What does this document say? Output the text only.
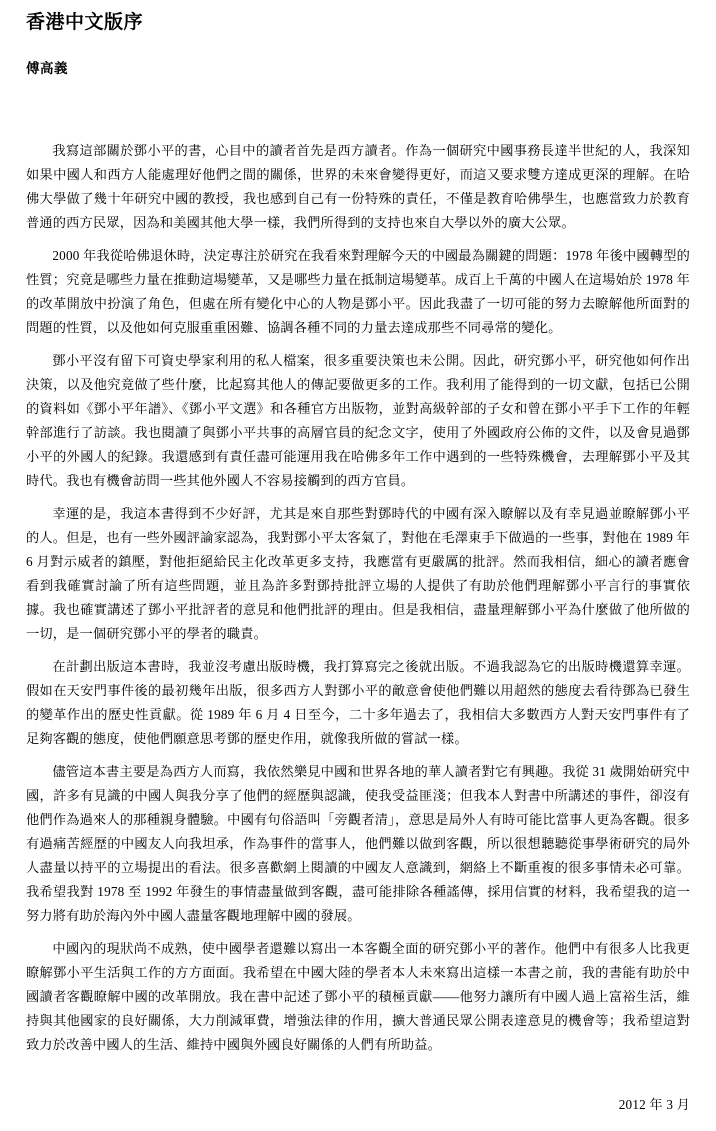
香港中文版序
傅高義

我寫這部關於鄧小平的書，心目中的讀者首先是西方讀者。作為一個研究中國事務長達半世紀的人，我深知如果中國人和西方人能處理好他們之間的關係，世界的未來會變得更好，而這又要求雙方達成更深的理解。在哈佛大學做了幾十年研究中國的教授，我也感到自己有一份特殊的責任，不僅是教育哈佛學生，也應當致力於教育普通的西方民眾，因為和美國其他大學一樣，我們所得到的支持也來自大學以外的廣大公眾。

2000 年我從哈佛退休時，決定專注於研究在我看來對理解今天的中國最為關鍵的問題：1978 年後中國轉型的性質；究竟是哪些力量在推動這場變革，又是哪些力量在抵制這場變革。成百上千萬的中國人在這場始於 1978 年的改革開放中扮演了角色，但處在所有變化中心的人物是鄧小平。因此我盡了一切可能的努力去瞭解他所面對的問題的性質，以及他如何克服重重困難、協調各種不同的力量去達成那些不同尋常的變化。

鄧小平沒有留下可資史學家利用的私人檔案，很多重要決策也未公開。因此，研究鄧小平，研究他如何作出決策，以及他究竟做了些什麼，比起寫其他人的傳記要做更多的工作。我利用了能得到的一切文獻，包括已公開的資料如《鄧小平年譜》、《鄧小平文選》和各種官方出版物，並對高級幹部的子女和曾在鄧小平手下工作的年輕幹部進行了訪談。我也閱讀了與鄧小平共事的高層官員的紀念文字，使用了外國政府公佈的文件，以及會見過鄧小平的外國人的紀錄。我還感到有責任盡可能運用我在哈佛多年工作中遇到的一些特殊機會，去理解鄧小平及其時代。我也有機會訪問一些其他外國人不容易接觸到的西方官員。

幸運的是，我這本書得到不少好評，尤其是來自那些對鄧時代的中國有深入瞭解以及有幸見過並瞭解鄧小平的人。但是，也有一些外國評論家認為，我對鄧小平太客氣了，對他在毛澤東手下做過的一些事，對他在 1989 年 6 月對示威者的鎮壓，對他拒絕給民主化改革更多支持，我應當有更嚴厲的批評。然而我相信，細心的讀者應會看到我確實討論了所有這些問題，並且為許多對鄧持批評立場的人提供了有助於他們理解鄧小平言行的事實依據。我也確實講述了鄧小平批評者的意見和他們批評的理由。但是我相信，盡量理解鄧小平為什麼做了他所做的一切，是一個研究鄧小平的學者的職責。

在計劃出版這本書時，我並沒考慮出版時機，我打算寫完之後就出版。不過我認為它的出版時機還算幸運。假如在天安門事件後的最初幾年出版，很多西方人對鄧小平的敵意會使他們難以用超然的態度去看待鄧為已發生的變革作出的歷史性貢獻。從 1989 年 6 月 4 日至今，二十多年過去了，我相信大多數西方人對天安門事件有了足夠客觀的態度，使他們願意思考鄧的歷史作用，就像我所做的嘗試一樣。

儘管這本書主要是為西方人而寫，我依然樂見中國和世界各地的華人讀者對它有興趣。我從 31 歲開始研究中國，許多有見識的中國人與我分享了他們的經歷與認識，使我受益匪淺；但我本人對書中所講述的事件，卻沒有他們作為過來人的那種親身體驗。中國有句俗語叫「旁觀者清」，意思是局外人有時可能比當事人更為客觀。很多有過痛苦經歷的中國友人向我坦承，作為事件的當事人，他們難以做到客觀，所以很想聽聽從事學術研究的局外人盡量以持平的立場提出的看法。很多喜歡網上閱讀的中國友人意識到，網絡上不斷重複的很多事情未必可靠。我希望我對 1978 至 1992 年發生的事情盡量做到客觀，盡可能排除各種謠傳，採用信實的材料，我希望我的這一努力將有助於海內外中國人盡量客觀地理解中國的發展。

中國內的現狀尚不成熟，使中國學者還難以寫出一本客觀全面的研究鄧小平的著作。他們中有很多人比我更瞭解鄧小平生活與工作的方方面面。我希望在中國大陸的學者本人未來寫出這樣一本書之前，我的書能有助於中國讀者客觀瞭解中國的改革開放。我在書中記述了鄧小平的積極貢獻——他努力讓所有中國人過上富裕生活，維持與其他國家的良好關係，大力削減軍費，增強法律的作用，擴大普通民眾公開表達意見的機會等；我希望這對致力於改善中國人的生活、維持中國與外國良好關係的人們有所助益。

2012 年 3 月
